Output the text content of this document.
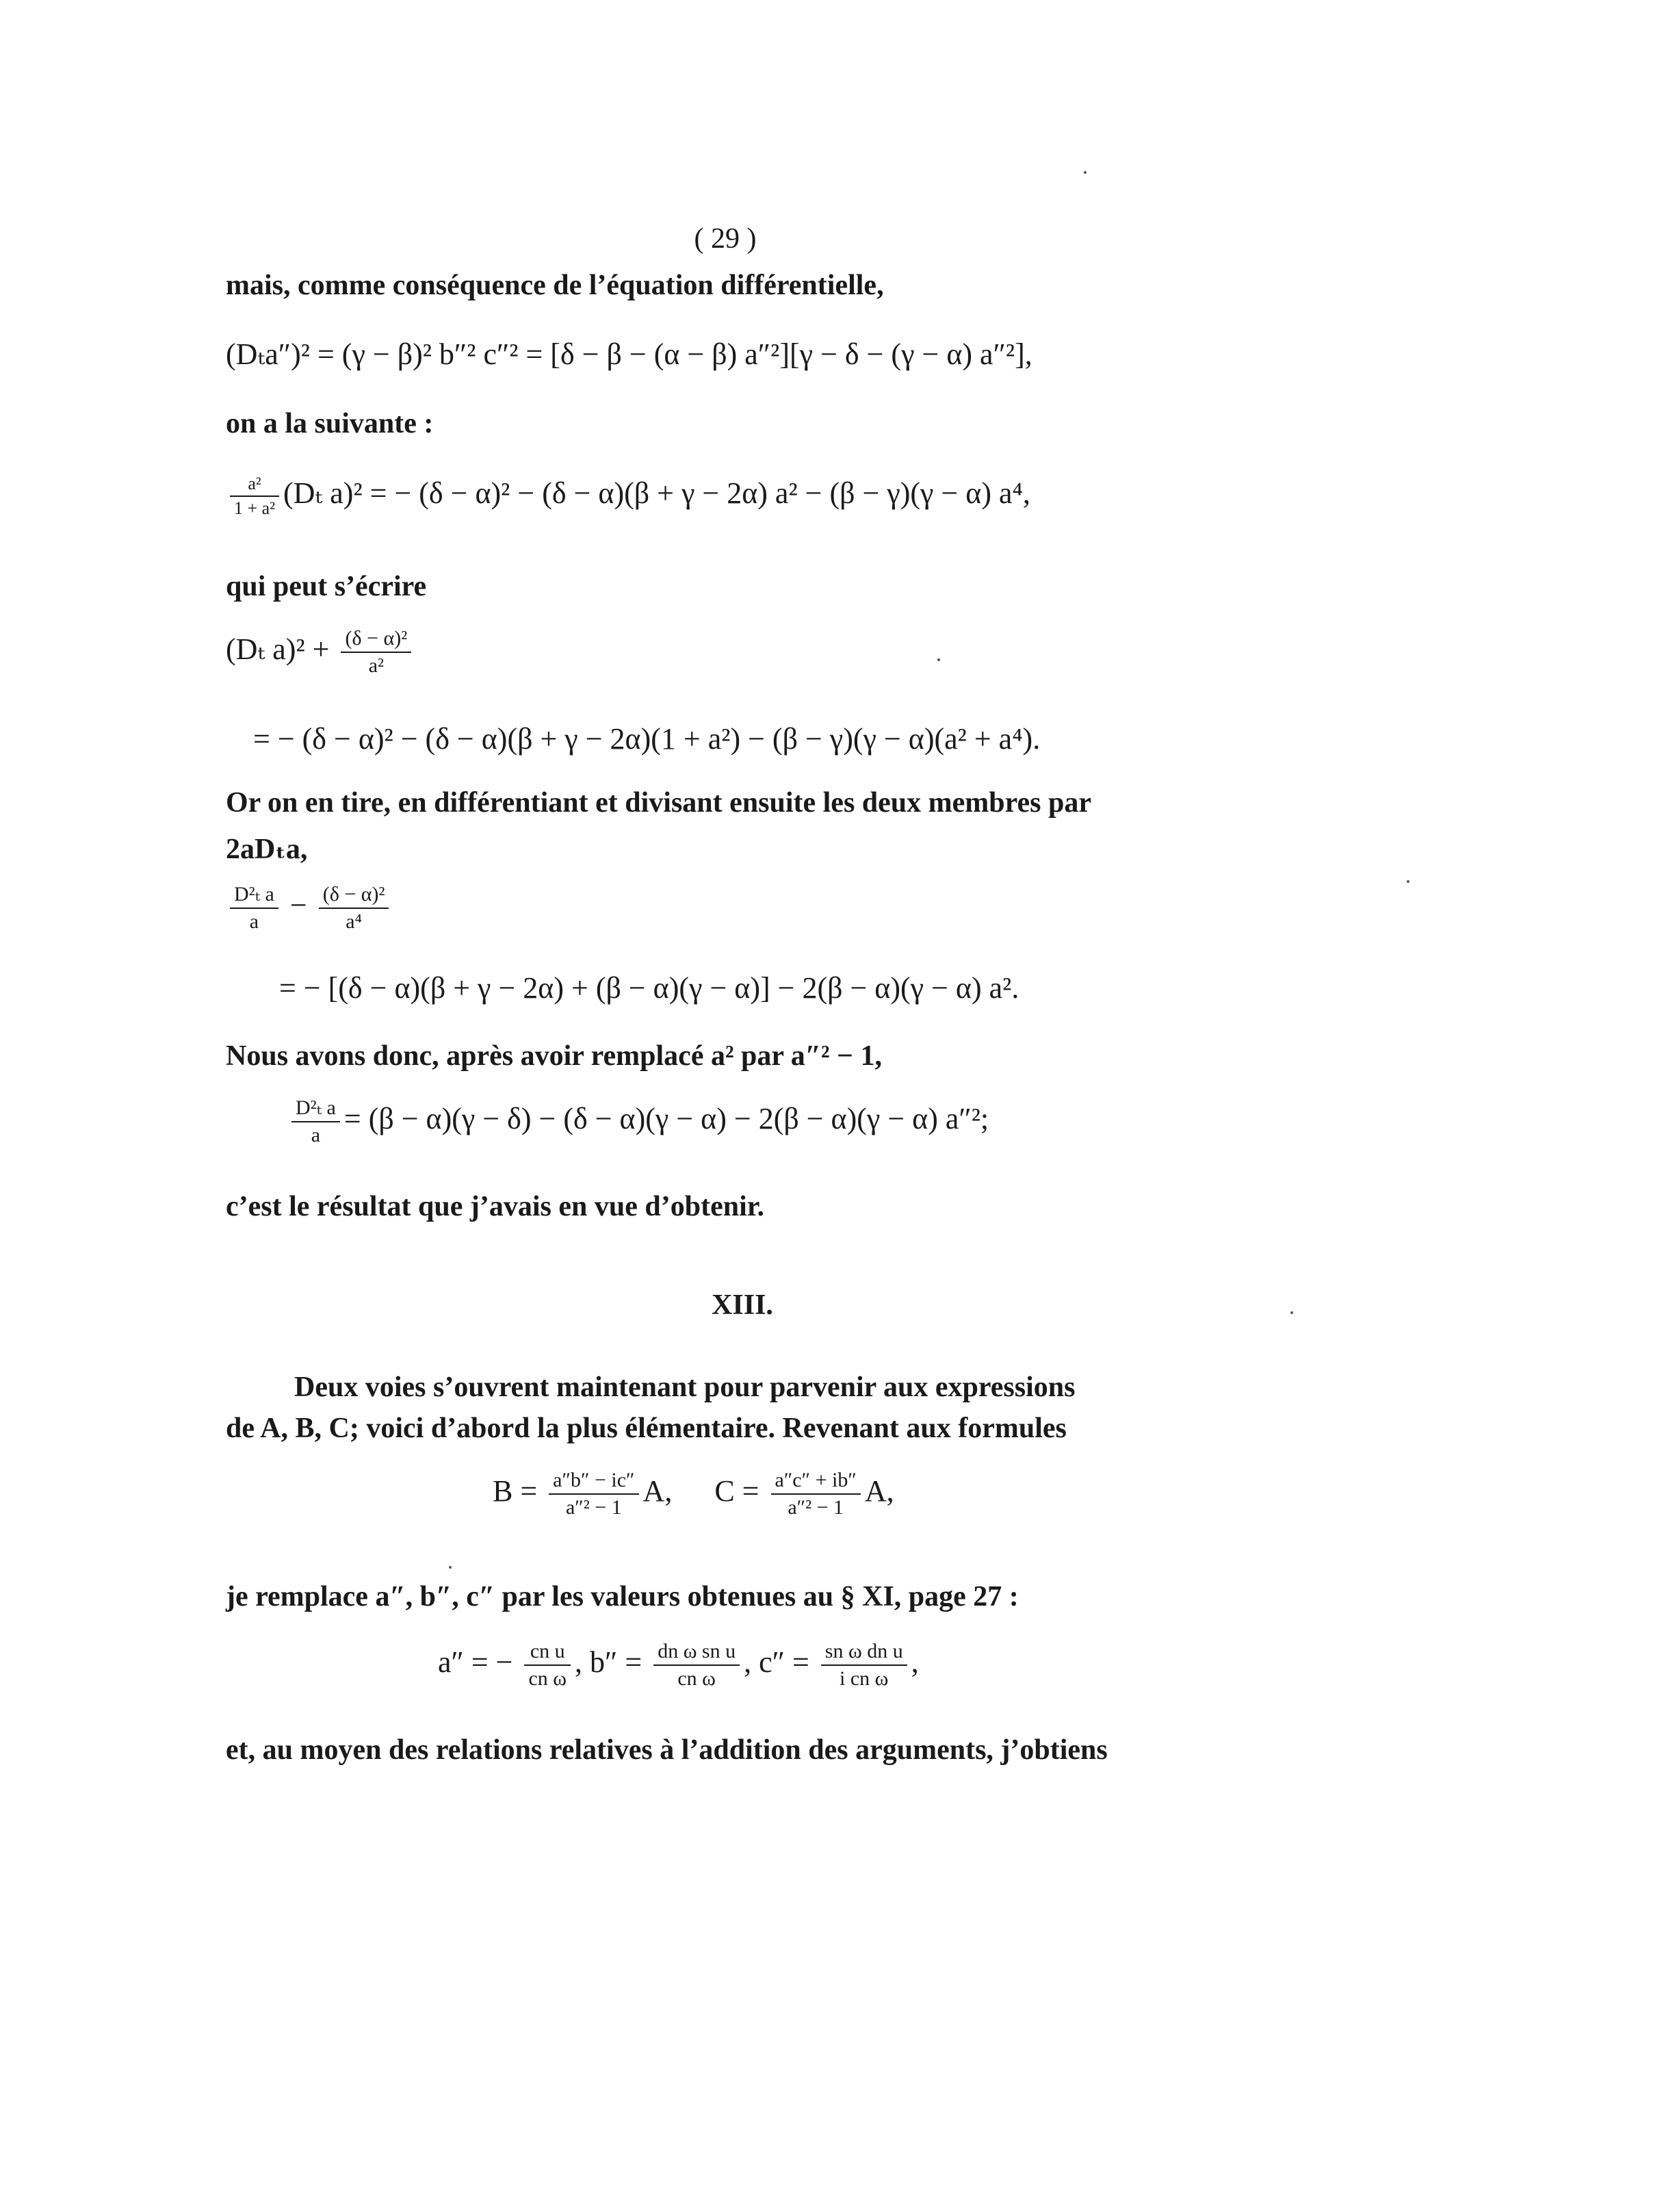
( 29 )
mais, comme conséquence de l’équation différentielle,
(Dₜa″)² = (γ − β)² b″² c″² = [δ − β − (α − β) a″²][γ − δ − (γ − α) a″²],
on a la suivante :
$\frac{\text{a²}}{\text{1 + a²}} (D_t$ a)² = − (δ − α)² − (δ − α)(β + γ − 2α) a² − (β − γ)(γ − α) a⁴,
qui peut s’écrire
(Dₜ $a)^2 + \frac{\text{(δ − α)²}}{\text{a²}}$
= − (δ − α)² − (δ − α)(β + γ − 2α)(1 + a²) − (β − γ)(γ − α)(a² + a⁴).
Or on en tire, en différentiant et divisant ensuite les deux membres par
2aDₜa,
$\frac{\text{D²ₜ a}}{a} - \frac{\text{(δ − α)²}}{\text{a⁴}}$
= − [(δ − α)(β + γ − 2α) + (β − α)(γ − α)] − 2(β − α)(γ − α) a².
Nous avons donc, après avoir remplacé a² par a″² − 1,
$\frac{\text{D²ₜ a}}{a} = (\beta - \alpha)(\gamma - \delta) - (\delta - \alpha)(\gamma - \alpha) - 2(\beta - \alpha)(\gamma - \alpha)$ a″²;
c’est le résultat que j’avais en vue d’obtenir.
XIII.
Deux voies s’ouvrent maintenant pour parvenir aux expressions
de A, B, C; voici d’abord la plus élémentaire. Revenant aux formules
$B = \frac{a''b'' - ic''}{\text{a″² − 1}} A$, $C = \frac{a''c'' + ib''}{\text{a″² − 1}} A$,
je remplace a″, b″, c″ par les valeurs obtenues au § XI, page 27 :
a″ = − $\frac{\text{cn u}}{\text{cn ω}}$ , $b'' = \frac{\text{dn ω sn u}}{\text{cn ω}}$ , $c'' = \frac{\text{sn ω dn u}}{\text{i cn ω}}$ ,
et, au moyen des relations relatives à l’addition des arguments, j’obtiens
